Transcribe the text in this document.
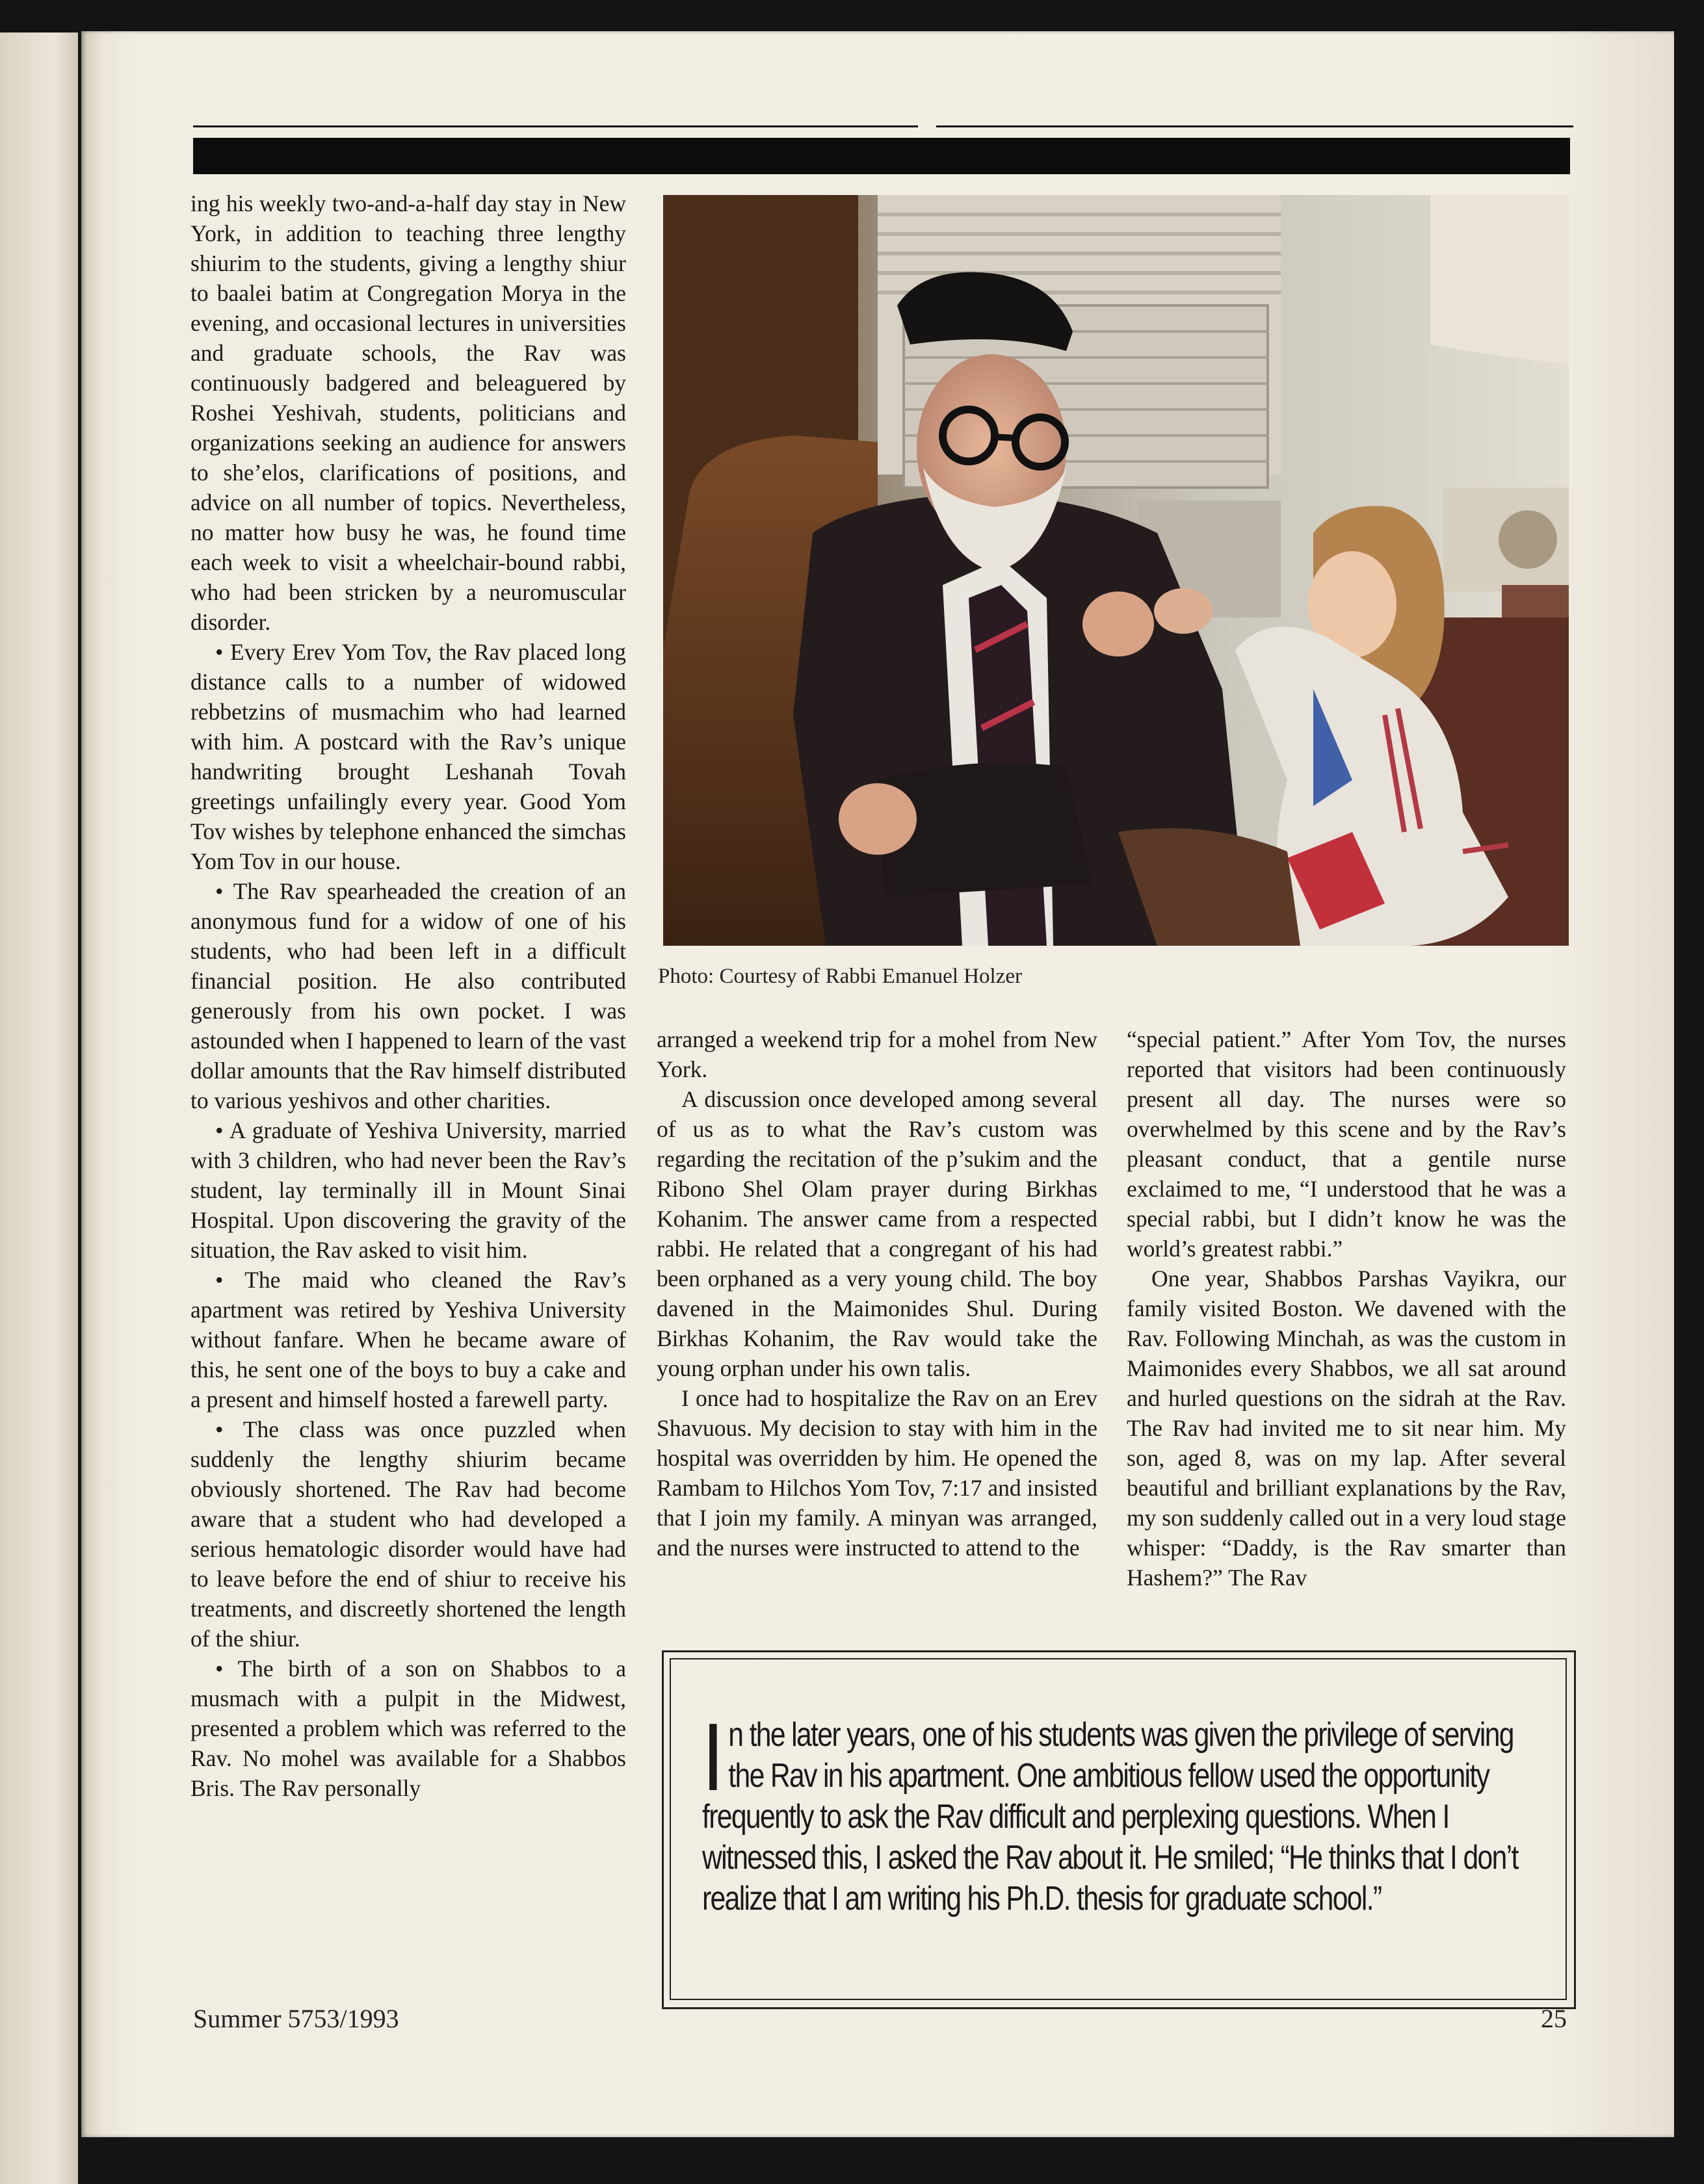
ing his weekly two-and-a-half day stay in New York, in addition to teaching three lengthy shiurim to the students, giving a lengthy shiur to baalei batim at Congregation Morya in the evening, and occasional lectures in universities and graduate schools, the Rav was continuously badgered and beleaguered by Roshei Yeshivah, students, politicians and organizations seeking an audience for answers to she’elos, clarifications of positions, and advice on all number of topics. Nevertheless, no matter how busy he was, he found time each week to visit a wheelchair-bound rabbi, who had been stricken by a neuromuscular disorder.

• Every Erev Yom Tov, the Rav placed long distance calls to a number of widowed rebbetzins of musmachim who had learned with him. A postcard with the Rav’s unique handwriting brought Leshanah Tovah greetings unfailingly every year. Good Yom Tov wishes by telephone enhanced the simchas Yom Tov in our house.

• The Rav spearheaded the creation of an anonymous fund for a widow of one of his students, who had been left in a difficult financial position. He also contributed generously from his own pocket. I was astounded when I happened to learn of the vast dollar amounts that the Rav himself distributed to various yeshivos and other charities.

• A graduate of Yeshiva University, married with 3 children, who had never been the Rav’s student, lay terminally ill in Mount Sinai Hospital. Upon discovering the gravity of the situation, the Rav asked to visit him.

• The maid who cleaned the Rav’s apartment was retired by Yeshiva University without fanfare. When he became aware of this, he sent one of the boys to buy a cake and a present and himself hosted a farewell party.

• The class was once puzzled when suddenly the lengthy shiurim became obviously shortened. The Rav had become aware that a student who had developed a serious hematologic disorder would have had to leave before the end of shiur to receive his treatments, and discreetly shortened the length of the shiur.

• The birth of a son on Shabbos to a musmach with a pulpit in the Midwest, presented a problem which was referred to the Rav. No mohel was available for a Shabbos Bris. The Rav personally

Photo: Courtesy of Rabbi Emanuel Holzer

arranged a weekend trip for a mohel from New York.

A discussion once developed among several of us as to what the Rav’s custom was regarding the recitation of the p’sukim and the Ribono Shel Olam prayer during Birkhas Kohanim. The answer came from a respected rabbi. He related that a congregant of his had been orphaned as a very young child. The boy davened in the Maimonides Shul. During Birkhas Kohanim, the Rav would take the young orphan under his own talis.

I once had to hospitalize the Rav on an Erev Shavuous. My decision to stay with him in the hospital was overridden by him. He opened the Rambam to Hilchos Yom Tov, 7:17 and insisted that I join my family. A minyan was arranged, and the nurses were instructed to attend to the

“special patient.” After Yom Tov, the nurses reported that visitors had been continuously present all day. The nurses were so overwhelmed by this scene and by the Rav’s pleasant conduct, that a gentile nurse exclaimed to me, “I understood that he was a special rabbi, but I didn’t know he was the world’s greatest rabbi.”

One year, Shabbos Parshas Vayikra, our family visited Boston. We davened with the Rav. Following Minchah, as was the custom in Maimonides every Shabbos, we all sat around and hurled questions on the sidrah at the Rav. The Rav had invited me to sit near him. My son, aged 8, was on my lap. After several beautiful and brilliant explanations by the Rav, my son suddenly called out in a very loud stage whisper: “Daddy, is the Rav smarter than Hashem?” The Rav

I n the later years, one of his students was given the privilege of serving the Rav in his apartment. One ambitious fellow used the opportunity frequently to ask the Rav difficult and perplexing questions. When I witnessed this, I asked the Rav about it. He smiled; “He thinks that I don’t realize that I am writing his Ph.D. thesis for graduate school.”
Summer 5753/1993	25
